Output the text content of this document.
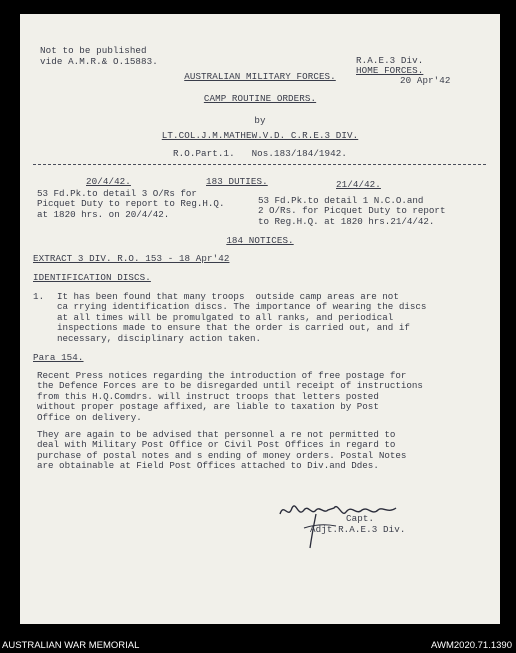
Not to be published
vide A.M.R.& O.15883.	R.A.E.3 Div.
HOME FORCES.
20 Apr'42
AUSTRALIAN MILITARY FORCES.
CAMP ROUTINE ORDERS.
by
LT.COL.J.M.MATHEW.V.D. C.R.E.3 DIV.
R.O.Part.1.   Nos.183/184/1942.
20/4/42.	183 DUTIES.	21/4/42.
53 Fd.Pk.to detail 3 O/Rs for
Picquet Duty to report to Reg.H.Q.
at 1820 hrs. on 20/4/42.
53 Fd.Pk.to detail 1 N.C.O.and
2 O/Rs. for Picquet Duty to report
to Reg.H.Q. at 1820 hrs.21/4/42.
184 NOTICES.
EXTRACT 3 DIV. R.O. 153 - 18 Apr'42
IDENTIFICATION DISCS.
1. It has been found that many troops  outside camp areas are not
ca rrying identification discs. The importance of wearing the discs
at all times will be promulgated to all ranks, and periodical
inspections made to ensure that the order is carried out, and if
necessary, disciplinary action taken.
Para 154.
Recent Press notices regarding the introduction of free postage for
the Defence Forces are to be disregarded until receipt of instructions
from this H.Q.Comdrs. will instruct troops that letters posted
without proper postage affixed, are liable to taxation by Post
Office on delivery.
They are again to be advised that personnel a re not permitted to
deal with Military Post Office or Civil Post Offices in regard to
purchase of postal notes and s ending of money orders. Postal Notes
are obtainable at Field Post Offices attached to Div.and Ddes.
Capt.
Adjt.R.A.E.3 Div.
AUSTRALIAN WAR MEMORIAL	AWM2020.71.1390
